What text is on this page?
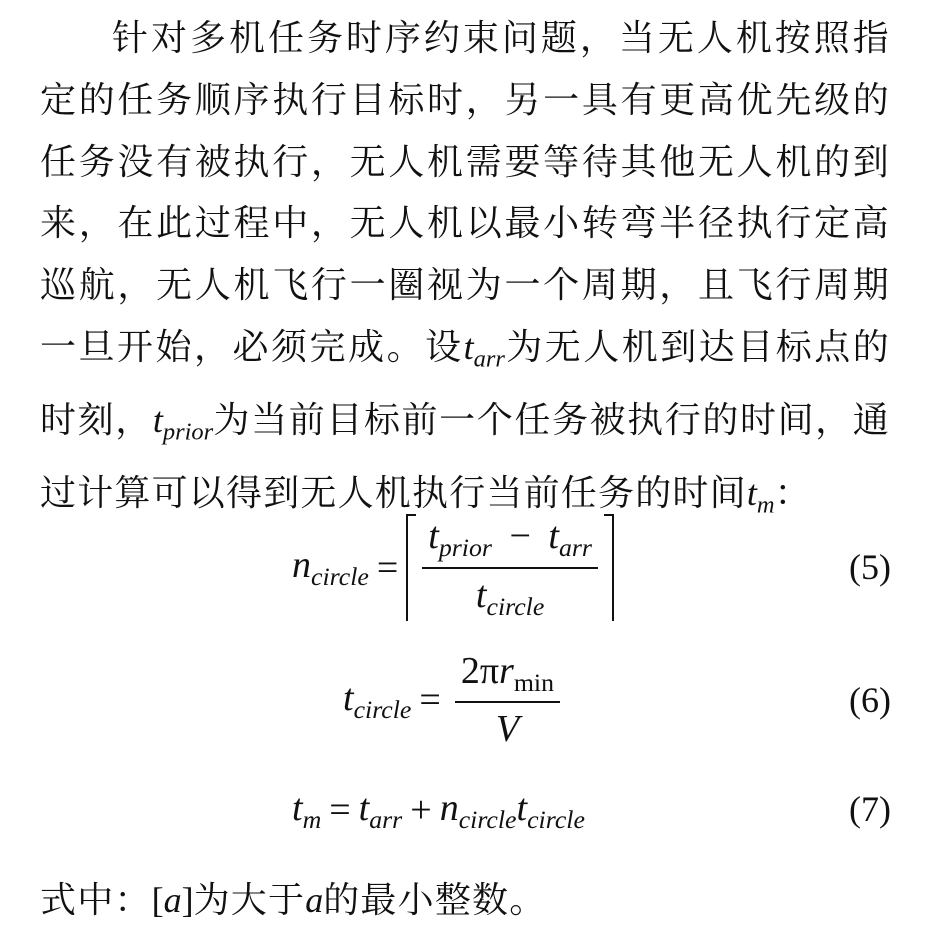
针对多机任务时序约束问题，当无人机按照指定的任务顺序执行目标时，另一具有更高优先级的任务没有被执行，无人机需要等待其他无人机的到来，在此过程中，无人机以最小转弯半径执行定高巡航，无人机飞行一圈视为一个周期，且飞行周期一旦开始，必须完成。设$t_{arr}$为无人机到达目标点的时刻，$t_{prior}$为当前目标前一个任务被执行的时间，通过计算可以得到无人机执行当前任务的时间$t_m$：
$n_{circle} = \frac{t_{prior} - t_{arr}}{t_{circle}}$	(5)
$t_{circle} = \frac{2\pi r_{min}}{V}$	(6)
$t_m = t_{arr} + n_{circle}$ $t_{circle}$	(7)
式中：[a]为大于a的最小整数。
